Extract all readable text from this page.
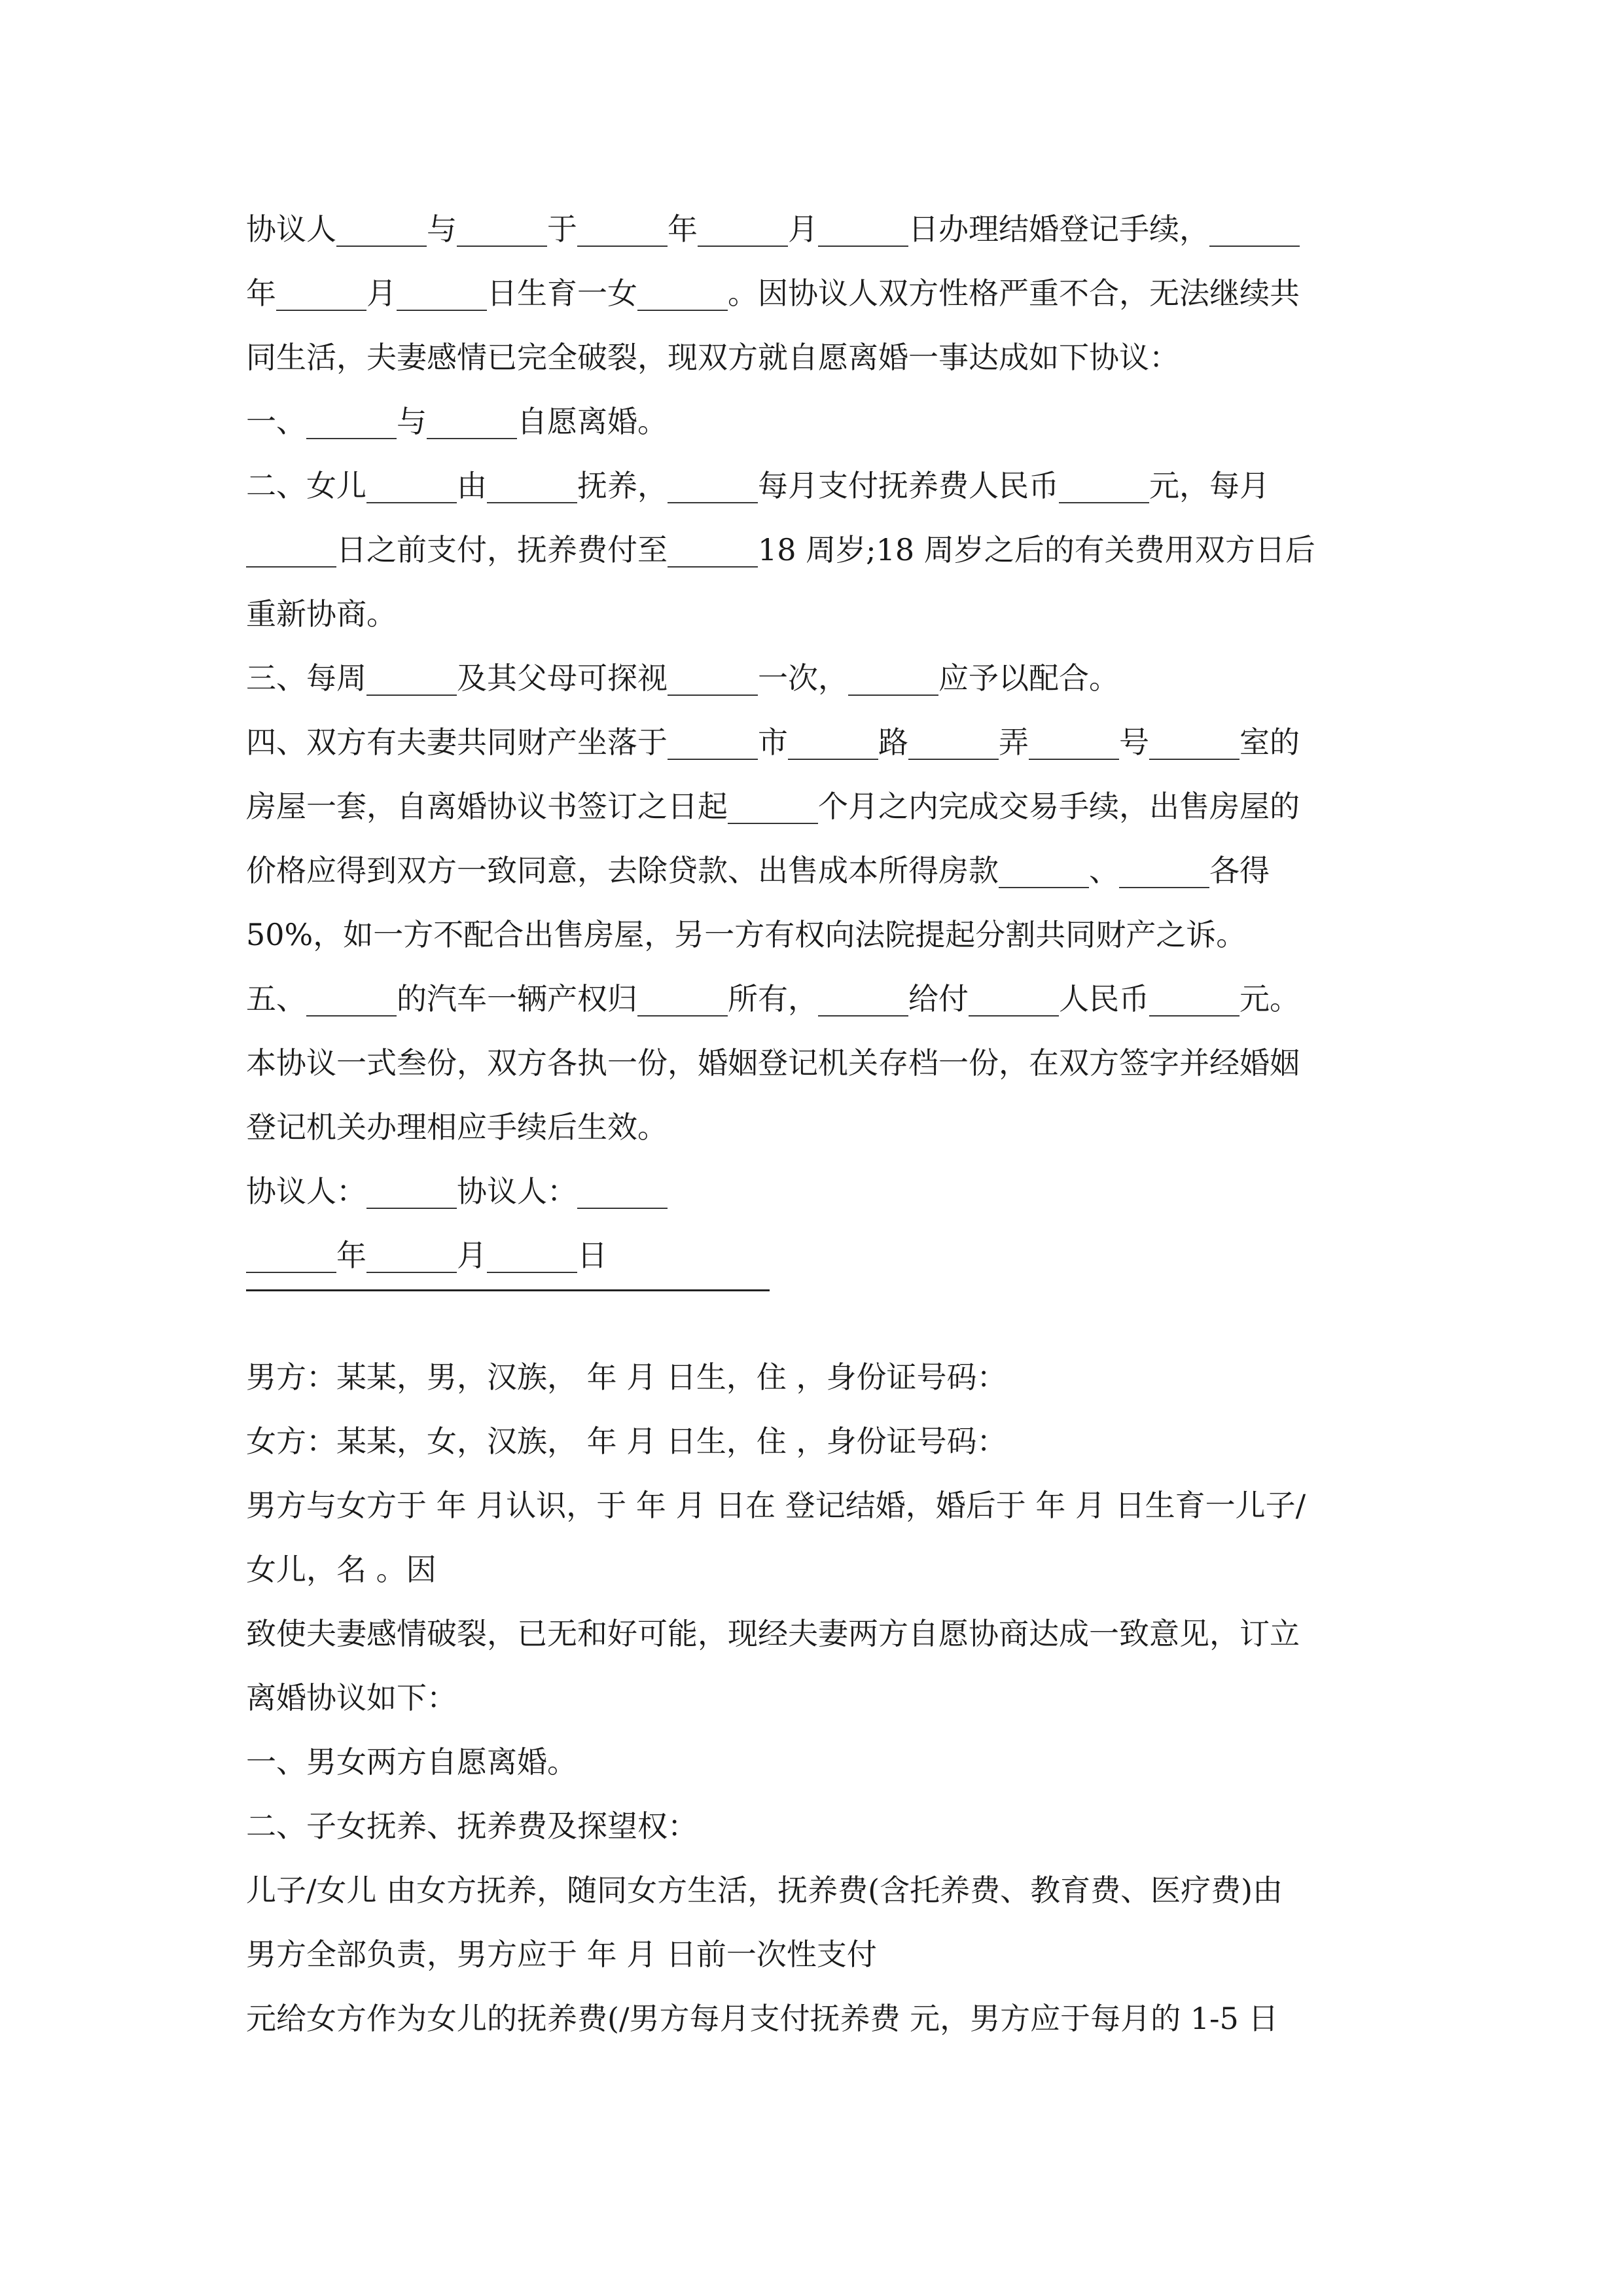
协议人______与______于______年______月______日办理结婚登记手续，______
年______月______日生育一女______。因协议人双方性格严重不合，无法继续共
同生活，夫妻感情已完全破裂，现双方就自愿离婚一事达成如下协议：
一、______与______自愿离婚。
二、女儿______由______抚养，______每月支付抚养费人民币______元，每月
______日之前支付，抚养费付至______18 周岁;18 周岁之后的有关费用双方日后
重新协商。
三、每周______及其父母可探视______一次，______应予以配合。
四、双方有夫妻共同财产坐落于______市______路______弄______号______室的
房屋一套，自离婚协议书签订之日起______个月之内完成交易手续，出售房屋的
价格应得到双方一致同意，去除贷款、出售成本所得房款______、______各得
50%，如一方不配合出售房屋，另一方有权向法院提起分割共同财产之诉。
五、______的汽车一辆产权归______所有，______给付______人民币______元。
本协议一式叁份，双方各执一份，婚姻登记机关存档一份，在双方签字并经婚姻
登记机关办理相应手续后生效。
协议人：______协议人：______
______年______月______日
男方：某某，男，汉族， 年 月 日生，住 ，身份证号码：
女方：某某，女，汉族， 年 月 日生，住 ，身份证号码：
男方与女方于 年 月认识，于 年 月 日在 登记结婚，婚后于 年 月 日生育一儿子/
女儿，名 。因
致使夫妻感情破裂，已无和好可能，现经夫妻两方自愿协商达成一致意见，订立
离婚协议如下：
一、男女两方自愿离婚。
二、子女抚养、抚养费及探望权：
儿子/女儿 由女方抚养，随同女方生活，抚养费(含托养费、教育费、医疗费)由
男方全部负责，男方应于 年 月 日前一次性支付
元给女方作为女儿的抚养费(/男方每月支付抚养费 元，男方应于每月的 1-5 日
